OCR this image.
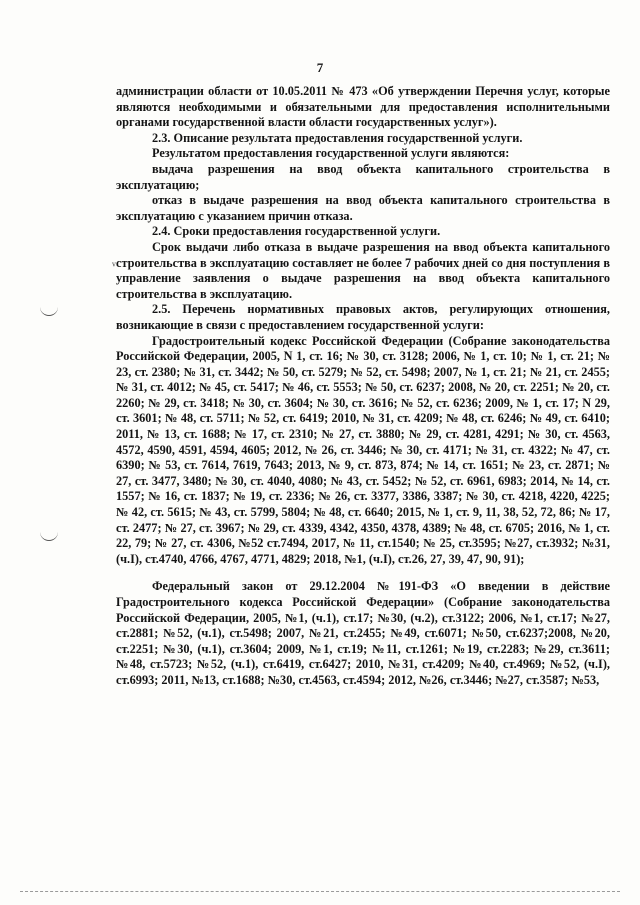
7

администрации области от 10.05.2011 № 473 «Об утверждении Перечня услуг, которые являются необходимыми и обязательными для предоставления исполнительными органами государственной власти области государственных услуг»).

2.3. Описание результата предоставления государственной услуги.

Результатом предоставления государственной услуги являются:

выдача разрешения на ввод объекта капитального строительства в эксплуатацию;

отказ в выдаче разрешения на ввод объекта капитального строительства в эксплуатацию с указанием причин отказа.

2.4. Сроки предоставления государственной услуги.

Срок выдачи либо отказа в выдаче разрешения на ввод объекта капитального строительства в эксплуатацию составляет не более 7 рабочих дней со дня поступления в управление заявления о выдаче разрешения на ввод объекта капитального строительства в эксплуатацию.

2.5. Перечень нормативных правовых актов, регулирующих отношения, возникающие в связи с предоставлением государственной услуги:

Градостроительный кодекс Российской Федерации (Собрание законодательства Российской Федерации, 2005, N 1, ст. 16; № 30, ст. 3128; 2006, № 1, ст. 10; № 1, ст. 21; № 23, ст. 2380; № 31, ст. 3442; № 50, ст. 5279; № 52, ст. 5498; 2007, № 1, ст. 21; № 21, ст. 2455; № 31, ст. 4012; № 45, ст. 5417; № 46, ст. 5553; № 50, ст. 6237; 2008, № 20, ст. 2251; № 20, ст. 2260; № 29, ст. 3418; № 30, ст. 3604; № 30, ст. 3616; № 52, ст. 6236; 2009, № 1, ст. 17; N 29, ст. 3601; № 48, ст. 5711; № 52, ст. 6419; 2010, № 31, ст. 4209; № 48, ст. 6246; № 49, ст. 6410; 2011, № 13, ст. 1688; № 17, ст. 2310; № 27, ст. 3880; № 29, ст. 4281, 4291; № 30, ст. 4563, 4572, 4590, 4591, 4594, 4605; 2012, № 26, ст. 3446; № 30, ст. 4171; № 31, ст. 4322; № 47, ст. 6390; № 53, ст. 7614, 7619, 7643; 2013, № 9, ст. 873, 874; № 14, ст. 1651; № 23, ст. 2871; № 27, ст. 3477, 3480; № 30, ст. 4040, 4080; № 43, ст. 5452; № 52, ст. 6961, 6983; 2014, № 14, ст. 1557; № 16, ст. 1837; № 19, ст. 2336; № 26, ст. 3377, 3386, 3387; № 30, ст. 4218, 4220, 4225; № 42, ст. 5615; № 43, ст. 5799, 5804; № 48, ст. 6640; 2015, № 1, ст. 9, 11, 38, 52, 72, 86; № 17, ст. 2477; № 27, ст. 3967; № 29, ст. 4339, 4342, 4350, 4378, 4389; № 48, ст. 6705; 2016, № 1, ст. 22, 79; № 27, ст. 4306, №52 ст.7494, 2017, № 11, ст.1540; № 25, ст.3595; №27, ст.3932; №31, (ч.I), ст.4740, 4766, 4767, 4771, 4829; 2018, №1, (ч.I), ст.26, 27, 39, 47, 90, 91);

Федеральный закон от 29.12.2004 №191-ФЗ «О введении в действие Градостроительного кодекса Российской Федерации» (Собрание законодательства Российской Федерации, 2005, №1, (ч.1), ст.17; №30, (ч.2), ст.3122; 2006, №1, ст.17; №27, ст.2881; №52, (ч.1), ст.5498; 2007, №21, ст.2455; №49, ст.6071; №50, ст.6237;2008, №20, ст.2251; №30, (ч.1), ст.3604; 2009, №1, ст.19; №11, ст.1261; №19, ст.2283; №29, ст.3611; №48, ст.5723; №52, (ч.1), ст.6419, ст.6427; 2010, №31, ст.4209; №40, ст.4969; №52, (ч.I), ст.6993; 2011, №13, ст.1688; №30, ст.4563, ст.4594; 2012, №26, ст.3446; №27, ст.3587; №53,

ᵛ
